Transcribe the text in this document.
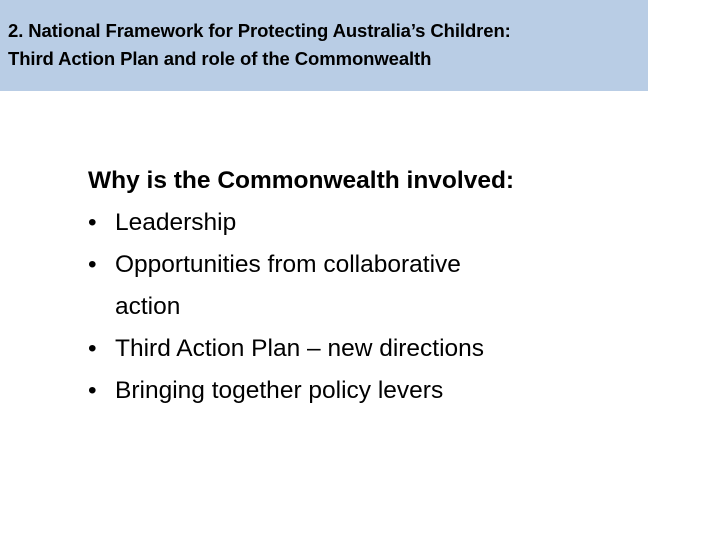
2. National Framework for Protecting Australia’s Children:
Third Action Plan and role of the Commonwealth
Why is the Commonwealth involved:
• Leadership
• Opportunities from collaborative
action
• Third Action Plan – new directions
• Bringing together policy levers
